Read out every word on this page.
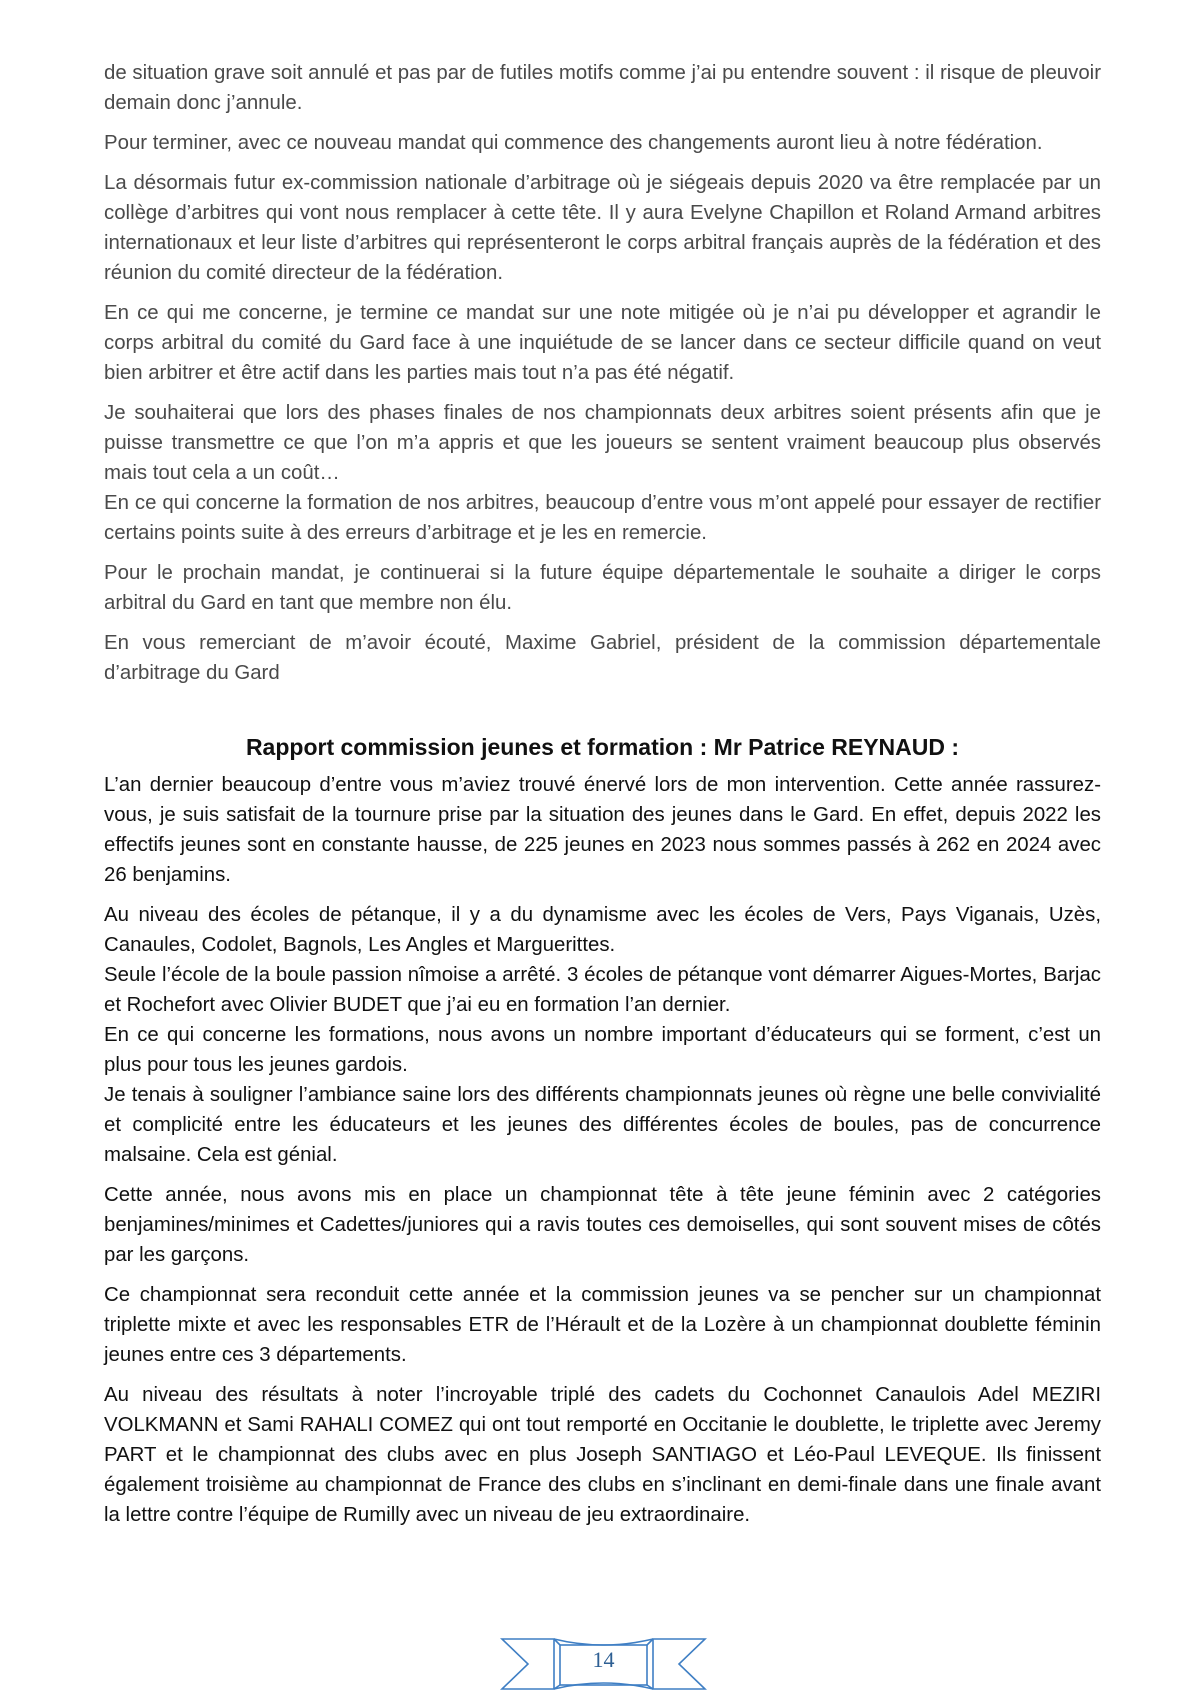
de situation grave soit annulé et pas par de futiles motifs comme j’ai pu entendre souvent : il risque de pleuvoir demain donc j’annule.

Pour terminer, avec ce nouveau mandat qui commence des changements auront lieu à notre fédération.

La désormais futur ex-commission nationale d’arbitrage où je siégeais depuis 2020 va être remplacée par un collège d’arbitres qui vont nous remplacer à cette tête. Il y aura Evelyne Chapillon et Roland Armand arbitres internationaux et leur liste d’arbitres qui représenteront le corps arbitral français auprès de la fédération et des réunion du comité directeur de la fédération.

En ce qui me concerne, je termine ce mandat sur une note mitigée où je n’ai pu développer et agrandir le corps arbitral du comité du Gard face à une inquiétude de se lancer dans ce secteur difficile quand on veut bien arbitrer et être actif dans les parties mais tout n’a pas été négatif.

Je souhaiterai que lors des phases finales de nos championnats deux arbitres soient présents afin que je puisse transmettre ce que l’on m’a appris et que les joueurs se sentent vraiment beaucoup plus observés mais tout cela a un coût…
En ce qui concerne la formation de nos arbitres, beaucoup d’entre vous m’ont appelé pour essayer de rectifier certains points suite à des erreurs d’arbitrage et je les en remercie.

Pour le prochain mandat, je continuerai si la future équipe départementale le souhaite a diriger le corps arbitral du Gard en tant que membre non élu.

En vous remerciant de m’avoir écouté, Maxime Gabriel, président de la commission départementale d’arbitrage du Gard

Rapport commission jeunes et formation : Mr Patrice REYNAUD :

L’an dernier beaucoup d’entre vous m’aviez trouvé énervé lors de mon intervention. Cette année rassurez-vous, je suis satisfait de la tournure prise par la situation des jeunes dans le Gard. En effet, depuis 2022 les effectifs jeunes sont en constante hausse, de 225 jeunes en 2023 nous sommes passés à 262 en 2024 avec 26 benjamins.

Au niveau des écoles de pétanque, il y a du dynamisme avec les écoles de Vers, Pays Viganais, Uzès, Canaules, Codolet, Bagnols, Les Angles et Marguerittes.
Seule l’école de la boule passion nîmoise a arrêté. 3 écoles de pétanque vont démarrer Aigues-Mortes, Barjac et Rochefort avec Olivier BUDET que j’ai eu en formation l’an dernier.
En ce qui concerne les formations, nous avons un nombre important d’éducateurs qui se forment, c’est un plus pour tous les jeunes gardois.
Je tenais à souligner l’ambiance saine lors des différents championnats jeunes où règne une belle convivialité et complicité entre les éducateurs et les jeunes des différentes écoles de boules, pas de concurrence malsaine. Cela est génial.

Cette année, nous avons mis en place un championnat tête à tête jeune féminin avec 2 catégories benjamines/minimes et Cadettes/juniores qui a ravis toutes ces demoiselles, qui sont souvent mises de côtés par les garçons.

Ce championnat sera reconduit cette année et la commission jeunes va se pencher sur un championnat triplette mixte et avec les responsables ETR de l’Hérault et de la Lozère à un championnat doublette féminin jeunes entre ces 3 départements.

Au niveau des résultats à noter l’incroyable triplé des cadets du Cochonnet Canaulois Adel MEZIRI VOLKMANN et Sami RAHALI COMEZ qui ont tout remporté en Occitanie le doublette, le triplette avec Jeremy PART et le championnat des clubs avec en plus Joseph SANTIAGO et Léo-Paul LEVEQUE. Ils finissent également troisième au championnat de France des clubs en s’inclinant en demi-finale dans une finale avant la lettre contre l’équipe de Rumilly avec un niveau de jeu extraordinaire.

14
